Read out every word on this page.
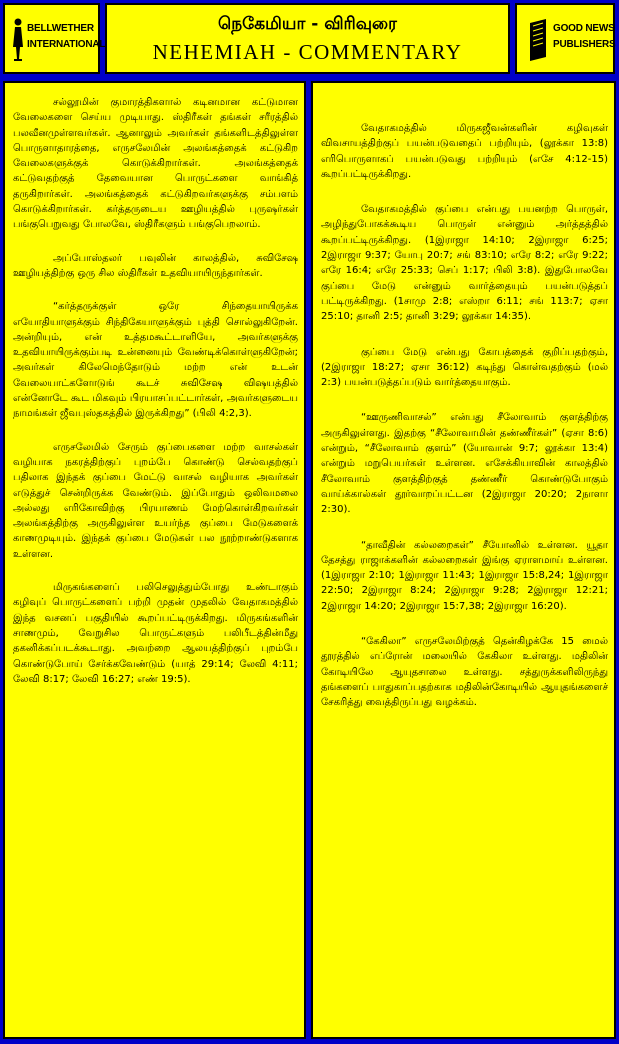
BELLWETHER
INTERNATIONAL
நெகேமியா - விரிவுரை
NEHEMIAH - COMMENTARY
GOOD NEWS
PUBLISHERS

சல்லூமின் குமாரத்திகளால் கடினமான கட்டுமான வேலைகளை செய்ய முடியாது. ஸ்திரீகள் தங்கள் சரீரத்தில் பலவீனமுள்ளவர்கள். ஆனாலும் அவர்கள் தங்களிடத்திலுள்ள பொருளாதாரத்தை, எருசலேமின் அலங்கத்தைக் கட்டுகிற வேலைகளுக்குக் கொடுக்கிறார்கள். அலங்கத்தைக் கட்டுவதற்குத் தேவையான பொருட்களை வாங்கித் தருகிறார்கள். அலங்கத்தைக் கட்டுகிறவர்களுக்கு சம்பளம் கொடுக்கிறார்கள். கர்த்தருடைய ஊழியத்தில் புருஷர்கள் பங்குபெறுவது போலவே, ஸ்திரீகளும் பங்குபெறலாம்.

அப்போஸ்தலர் பவுலின் காலத்தில், சுவிசேஷ ஊழியத்திற்கு ஒரு சில ஸ்திரீகள் உதவியாயிருந்தார்கள்.

“கர்த்தருக்குள் ஒரே சிந்தையாயிருக்க எயோதியாளுக்கும் சிந்திகேயாளுக்கும் புத்தி சொல்லுகிறேன். அன்றியும், என் உத்தமகூட்டாளியே, அவர்களுக்கு உதவியாயிருக்கும்படி உன்னையும் வேண்டிக்கொள்ளுகிறேன்; அவர்கள் கிலேமெந்தோடும் மற்ற என் உடன் வேலையாட்களோடுங் கூடச் சுவிசேஷ விஷயத்தில் என்னோடே கூட மிகவும் பிரயாசப்பட்டார்கள், அவர்களுடைய நாமங்கள் ஜீவபுஸ்தகத்தில் இருக்கிறது” (பிலி 4:2,3).

எருசலேமில் சேரும் குப்பைகளை மற்ற வாசல்கள் வழியாக நகரத்திற்குப் புறம்பே கொண்டு செல்வதற்குப் பதிலாக இந்தக் குப்பை மேட்டு வாசல் வழியாக அவர்கள் எடுத்துச் சென்றிருக்க வேண்டும். இப்போதும் ஒலிவமலை அல்லது எரிகோவிற்கு பிரயாணம் மேற்கொள்கிறவர்கள் அலங்கத்திற்கு அருகிலுள்ள உயர்ந்த குப்பை மேடுகளைக் காணமுடியும். இந்தக் குப்பை மேடுகள் பல நூற்றாண்டுகளாக உள்ளன.

மிருகங்களைப் பலிசெலுத்தும்போது உண்டாகும் கழிவுப் பொருட்களைப் பற்றி முதன் முதலில் வேதாகமத்தில் இந்த வசனப் பகுதியில் கூறப்பட்டிருக்கிறது. மிருகங்களின் சாணமும், வேறுசில பொருட்களும் பலிபீடத்தின்மீது தகனிக்கப்படக்கூடாது. அவற்றை ஆலயத்திற்குப் புறம்பே கொண்டுபோய் சேர்க்கவேண்டும் (யாத் 29:14; லேவி 4:11; லேவி 8:17; லேவி 16:27; எண் 19:5).

வேதாகமத்தில் மிருகஜீவன்களின் கழிவுகள் விவசாயத்திற்குப் பயன்படுவதைப் பற்றியும், (லூக்கா 13:8) எரிபொருளாகப் பயன்படுவது பற்றியும் (எசே 4:12-15) கூறப்பட்டிருக்கிறது.

வேதாகமத்தில் குப்பை என்பது பயனற்ற பொருள், அழிந்துபோகக்கூடிய பொருள் என்னும் அர்த்தத்தில் கூறப்பட்டிருக்கிறது. (1இராஜா 14:10; 2இராஜா 6:25; 2இராஜா 9:37; யோபு 20:7; சங் 83:10; எரே 8:2; எரே 9:22; எரே 16:4; எரே 25:33; செப் 1:17; பிலி 3:8). இதுபோலவே குப்பை மேடு என்னும் வார்த்தையும் பயன்படுத்தப் பட்டிருக்கிறது. (1சாமு 2:8; எஸ்றா 6:11; சங் 113:7; ஏசா 25:10; தானி 2:5; தானி 3:29; லூக்கா 14:35).

குப்பை மேடு என்பது கோபத்தைக் குறிப்பதற்கும், (2இராஜா 18:27; ஏசா 36:12) கடிந்து கொள்வதற்கும் (மல் 2:3) பயன்படுத்தப்படும் வார்த்தையாகும்.

“ஊருணிவாசல்” என்பது சீலோவாம் குளத்திற்கு அருகிலுள்ளது. இதற்கு “சீலோவாமின் தண்ணீர்கள்” (ஏசா 8:6) என்றும், “சீலோவாம் குளம்” (யோவான் 9:7; லூக்கா 13:4) என்றும் மறுபெயர்கள் உள்ளன. எசேக்கியாவின் காலத்தில் சீலோவாம் குளத்திற்குத் தண்ணீர் கொண்டுபோகும் வாய்க்கால்கள் தூர்வாறப்பட்டன (2இராஜா 20:20; 2நாளா 2:30).

“தாவீதின் கல்லறைகள்” சீயோனில் உள்ளன. யூதா தேசத்து ராஜாக்களின் கல்லறைகள் இங்கு ஏராளமாய் உள்ளன. (1இராஜா 2:10; 1இராஜா 11:43; 1இராஜா 15:8,24; 1இராஜா 22:50; 2இராஜா 8:24; 2இராஜா 9:28; 2இராஜா 12:21; 2இராஜா 14:20; 2இராஜா 15:7,38; 2இராஜா 16:20).

“கேகிலா” எருசலேமிற்குத் தென்கிழக்கே 15 மைல் தூரத்தில் எப்ரோன் மலையில் கேகிலா உள்ளது. மதிலின் கோடியிலே ஆயுதசாலை உள்ளது. சத்துருக்களிலிருந்து தங்களைப் பாதுகாப்பதற்காக மதிலின்கோடியில் ஆயுதங்களைச் சேகரித்து வைத்திருப்பது வழக்கம்.
